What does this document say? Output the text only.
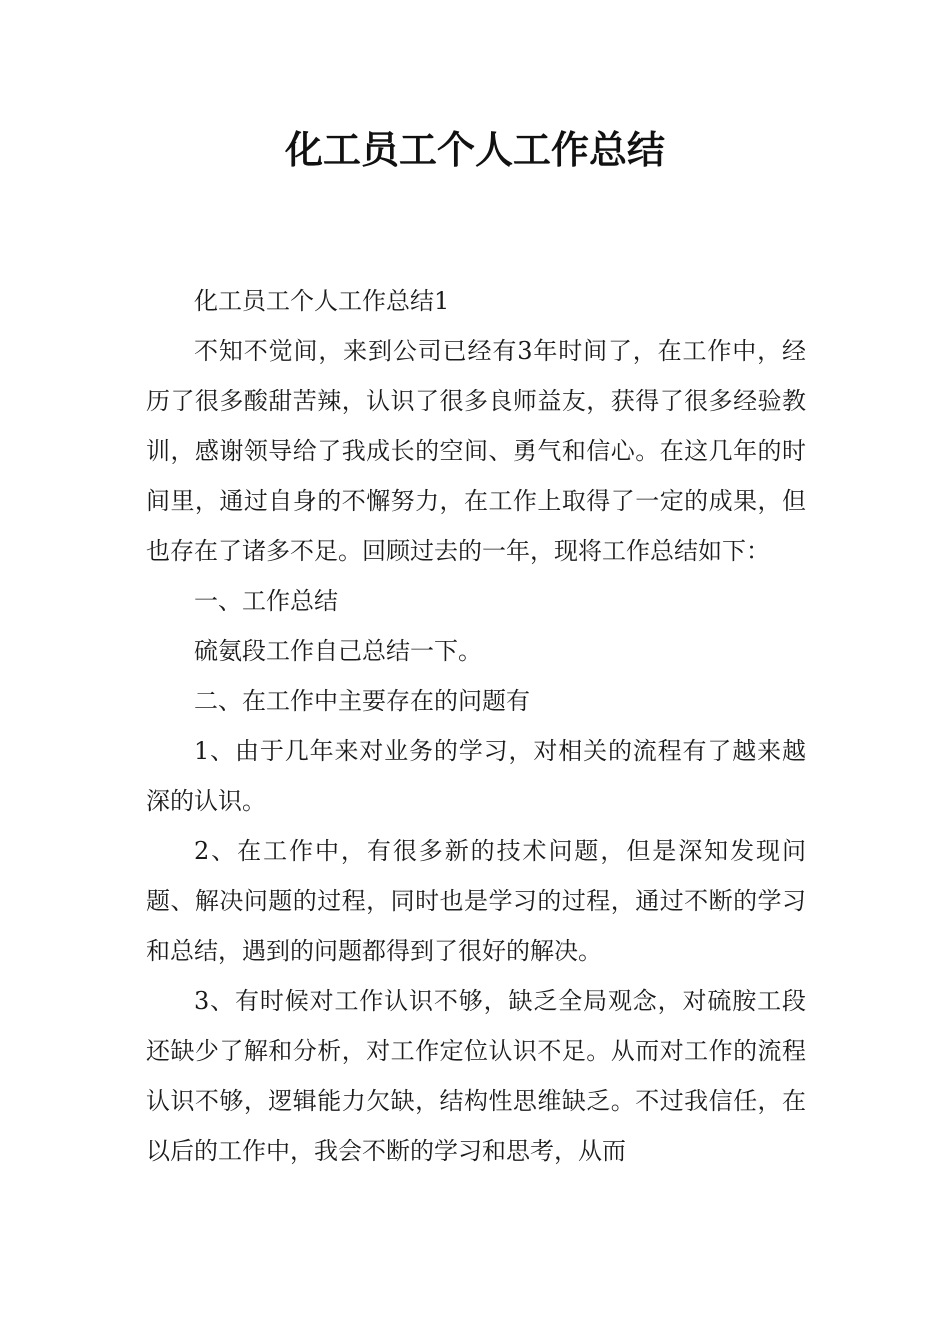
化工员工个人工作总结

化工员工个人工作总结1

不知不觉间，来到公司已经有3年时间了，在工作中，经历了很多酸甜苦辣，认识了很多良师益友，获得了很多经验教训，感谢领导给了我成长的空间、勇气和信心。在这几年的时间里，通过自身的不懈努力，在工作上取得了一定的成果，但也存在了诸多不足。回顾过去的一年，现将工作总结如下：

一、工作总结

硫氨段工作自己总结一下。

二、在工作中主要存在的问题有

1、由于几年来对业务的学习，对相关的流程有了越来越深的认识。

2、在工作中，有很多新的技术问题，但是深知发现问题、解决问题的过程，同时也是学习的过程，通过不断的学习和总结，遇到的问题都得到了很好的解决。

3、有时候对工作认识不够，缺乏全局观念，对硫胺工段还缺少了解和分析，对工作定位认识不足。从而对工作的流程认识不够，逻辑能力欠缺，结构性思维缺乏。不过我信任，在以后的工作中，我会不断的学习和思考，从而
